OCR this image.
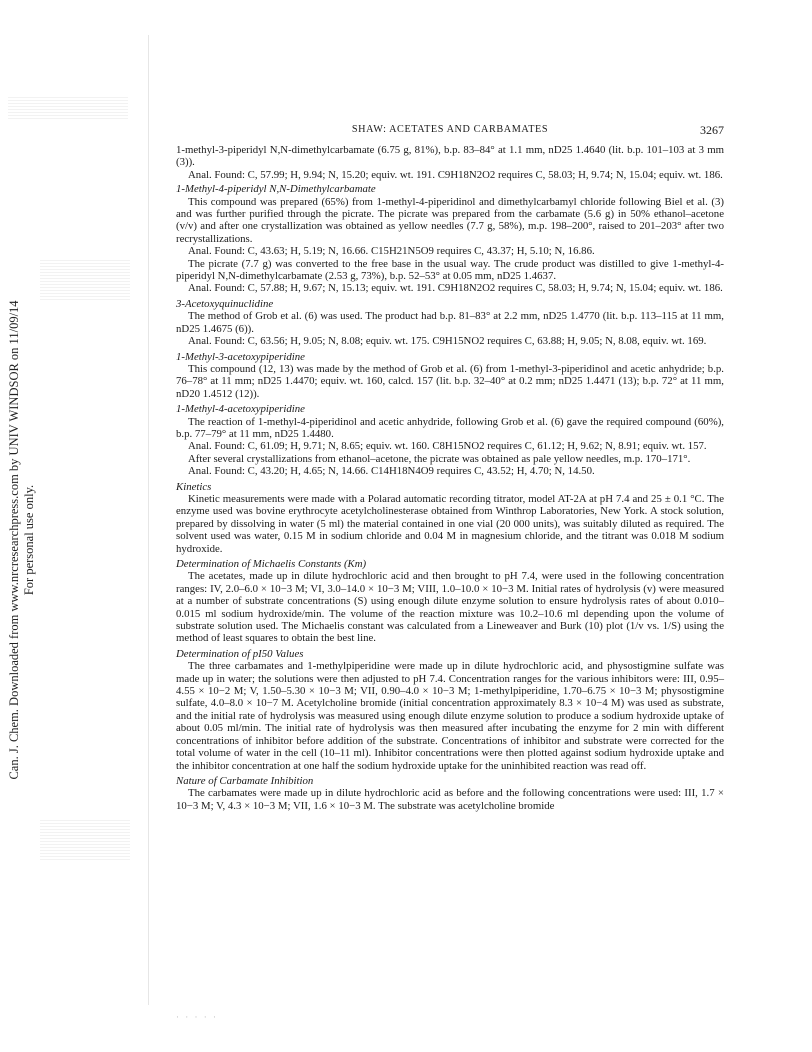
Can. J. Chem. Downloaded from www.nrcresearchpress.com by UNIV WINDSOR on 11/09/14 For personal use only.
SHAW: ACETATES AND CARBAMATES	3267

1-methyl-3-piperidyl N,N-dimethylcarbamate (6.75 g, 81%), b.p. 83–84° at 1.1 mm, nD25 1.4640 (lit. b.p. 101–103 at 3 mm (3)).

Anal. Found: C, 57.99; H, 9.94; N, 15.20; equiv. wt. 191. C9H18N2O2 requires C, 58.03; H, 9.74; N, 15.04; equiv. wt. 186.

1-Methyl-4-piperidyl N,N-Dimethylcarbamate

This compound was prepared (65%) from 1-methyl-4-piperidinol and dimethylcarbamyl chloride following Biel et al. (3) and was further purified through the picrate. The picrate was prepared from the carbamate (5.6 g) in 50% ethanol–acetone (v/v) and after one crystallization was obtained as yellow needles (7.7 g, 58%), m.p. 198–200°, raised to 201–203° after two recrystallizations.

Anal. Found: C, 43.63; H, 5.19; N, 16.66. C15H21N5O9 requires C, 43.37; H, 5.10; N, 16.86.

The picrate (7.7 g) was converted to the free base in the usual way. The crude product was distilled to give 1-methyl-4-piperidyl N,N-dimethylcarbamate (2.53 g, 73%), b.p. 52–53° at 0.05 mm, nD25 1.4637.

Anal. Found: C, 57.88; H, 9.67; N, 15.13; equiv. wt. 191. C9H18N2O2 requires C, 58.03; H, 9.74; N, 15.04; equiv. wt. 186.

3-Acetoxyquinuclidine

The method of Grob et al. (6) was used. The product had b.p. 81–83° at 2.2 mm, nD25 1.4770 (lit. b.p. 113–115 at 11 mm, nD25 1.4675 (6)).

Anal. Found: C, 63.56; H, 9.05; N, 8.08; equiv. wt. 175. C9H15NO2 requires C, 63.88; H, 9.05; N, 8.08, equiv. wt. 169.

1-Methyl-3-acetoxypiperidine

This compound (12, 13) was made by the method of Grob et al. (6) from 1-methyl-3-piperidinol and acetic anhydride; b.p. 76–78° at 11 mm; nD25 1.4470; equiv. wt. 160, calcd. 157 (lit. b.p. 32–40° at 0.2 mm; nD25 1.4471 (13); b.p. 72° at 11 mm, nD20 1.4512 (12)).

1-Methyl-4-acetoxypiperidine

The reaction of 1-methyl-4-piperidinol and acetic anhydride, following Grob et al. (6) gave the required compound (60%), b.p. 77–79° at 11 mm, nD25 1.4480.

Anal. Found: C, 61.09; H, 9.71; N, 8.65; equiv. wt. 160. C8H15NO2 requires C, 61.12; H, 9.62; N, 8.91; equiv. wt. 157.

After several crystallizations from ethanol–acetone, the picrate was obtained as pale yellow needles, m.p. 170–171°.

Anal. Found: C, 43.20; H, 4.65; N, 14.66. C14H18N4O9 requires C, 43.52; H, 4.70; N, 14.50.

Kinetics

Kinetic measurements were made with a Polarad automatic recording titrator, model AT-2A at pH 7.4 and 25 ± 0.1 °C. The enzyme used was bovine erythrocyte acetylcholinesterase obtained from Winthrop Laboratories, New York. A stock solution, prepared by dissolving in water (5 ml) the material contained in one vial (20 000 units), was suitably diluted as required. The solvent used was water, 0.15 M in sodium chloride and 0.04 M in magnesium chloride, and the titrant was 0.018 M sodium hydroxide.

Determination of Michaelis Constants (Km)

The acetates, made up in dilute hydrochloric acid and then brought to pH 7.4, were used in the following concentration ranges: IV, 2.0–6.0 × 10−3 M; VI, 3.0–14.0 × 10−3 M; VIII, 1.0–10.0 × 10−3 M. Initial rates of hydrolysis (v) were measured at a number of substrate concentrations (S) using enough dilute enzyme solution to ensure hydrolysis rates of about 0.010–0.015 ml sodium hydroxide/min. The volume of the reaction mixture was 10.2–10.6 ml depending upon the volume of substrate solution used. The Michaelis constant was calculated from a Lineweaver and Burk (10) plot (1/v vs. 1/S) using the method of least squares to obtain the best line.

Determination of pI50 Values

The three carbamates and 1-methylpiperidine were made up in dilute hydrochloric acid, and physostigmine sulfate was made up in water; the solutions were then adjusted to pH 7.4. Concentration ranges for the various inhibitors were: III, 0.95–4.55 × 10−2 M; V, 1.50–5.30 × 10−3 M; VII, 0.90–4.0 × 10−3 M; 1-methylpiperidine, 1.70–6.75 × 10−3 M; physostigmine sulfate, 4.0–8.0 × 10−7 M. Acetylcholine bromide (initial concentration approximately 8.3 × 10−4 M) was used as substrate, and the initial rate of hydrolysis was measured using enough dilute enzyme solution to produce a sodium hydroxide uptake of about 0.05 ml/min. The initial rate of hydrolysis was then measured after incubating the enzyme for 2 min with different concentrations of inhibitor before addition of the substrate. Concentrations of inhibitor and substrate were corrected for the total volume of water in the cell (10–11 ml). Inhibitor concentrations were then plotted against sodium hydroxide uptake and the inhibitor concentration at one half the sodium hydroxide uptake for the uninhibited reaction was read off.

Nature of Carbamate Inhibition

The carbamates were made up in dilute hydrochloric acid as before and the following concentrations were used: III, 1.7 × 10−3 M; V, 4.3 × 10−3 M; VII, 1.6 × 10−3 M. The substrate was acetylcholine bromide

· · · · ·
